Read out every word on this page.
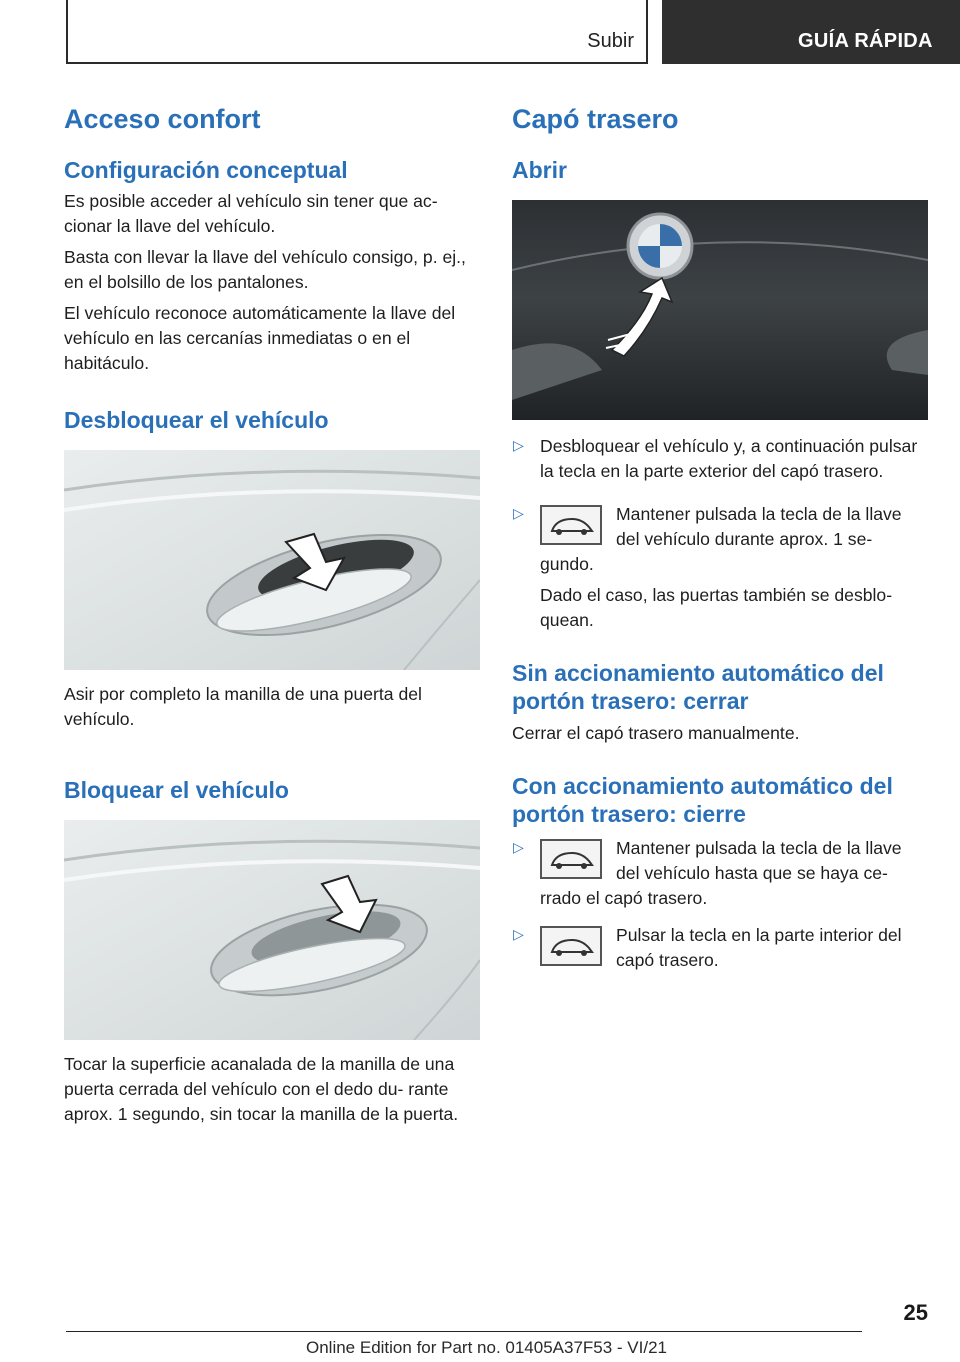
Subir	GUÍA RÁPIDA
Acceso confort
Configuración conceptual

Es posible acceder al vehículo sin tener que ac‐ cionar la llave del vehículo.

Basta con llevar la llave del vehículo consigo, p. ej., en el bolsillo de los pantalones.

El vehículo reconoce automáticamente la llave del vehículo en las cercanías inmediatas o en el habitáculo.

Desbloquear el vehículo

Asir por completo la manilla de una puerta del vehículo.

Bloquear el vehículo

Tocar la superficie acanalada de la manilla de una puerta cerrada del vehículo con el dedo du‐ rante aprox. 1 segundo, sin tocar la manilla de la puerta.

Capó trasero
Abrir
▷ Desbloquear el vehículo y, a continuación pulsar la tecla en la parte exterior del capó trasero.

▷	Mantener pulsada la tecla de la llave del vehículo durante aprox. 1 se‐ gundo.

Dado el caso, las puertas también se desblo‐ quean.

Sin accionamiento automático del portón trasero: cerrar

Cerrar el capó trasero manualmente.

Con accionamiento automático del portón trasero: cierre
▷	Mantener pulsada la tecla de la llave del vehículo hasta que se haya ce‐ rrado el capó trasero.

▷	Pulsar la tecla en la parte interior del capó trasero.

25
Online Edition for Part no. 01405A37F53 - VI/21
